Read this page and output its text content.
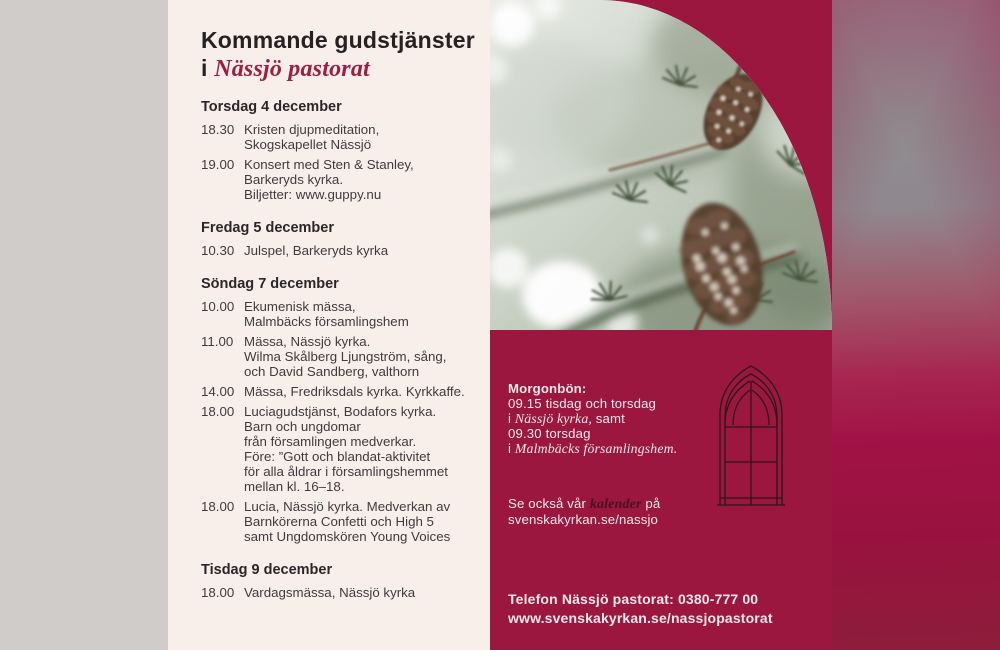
Kommande gudstjänster
i Nässjö pastorat
Torsdag 4 december
18.30 Kristen djupmeditation,
Skogskapellet Nässjö
19.00 Konsert med Sten & Stanley,
Barkeryds kyrka.
Biljetter: www.guppy.nu
Fredag 5 december
10.30 Julspel, Barkeryds kyrka
Söndag 7 december
10.00 Ekumenisk mässa,
Malmbäcks församlingshem
11.00 Mässa, Nässjö kyrka.
Wilma Skålberg Ljungström, sång,
och David Sandberg, valthorn
14.00 Mässa, Fredriksdals kyrka. Kyrkkaffe.
18.00 Luciagudstjänst, Bodafors kyrka.
Barn och ungdomar
från församlingen medverkar.
Före: ”Gott och blandat-aktivitet
för alla åldrar i församlingshemmet
mellan kl. 16–18.
18.00 Lucia, Nässjö kyrka. Medverkan av
Barnkörerna Confetti och High 5
samt Ungdomskören Young Voices
Tisdag 9 december
18.00 Vardagsmässa, Nässjö kyrka
Morgonbön:
09.15 tisdag och torsdag
i Nässjö kyrka, samt
09.30 torsdag
i Malmbäcks församlingshem.
Se också vår kalender på
svenskakyrkan.se/nassjo
Telefon Nässjö pastorat: 0380-777 00
www.svenskakyrkan.se/nassjopastorat
